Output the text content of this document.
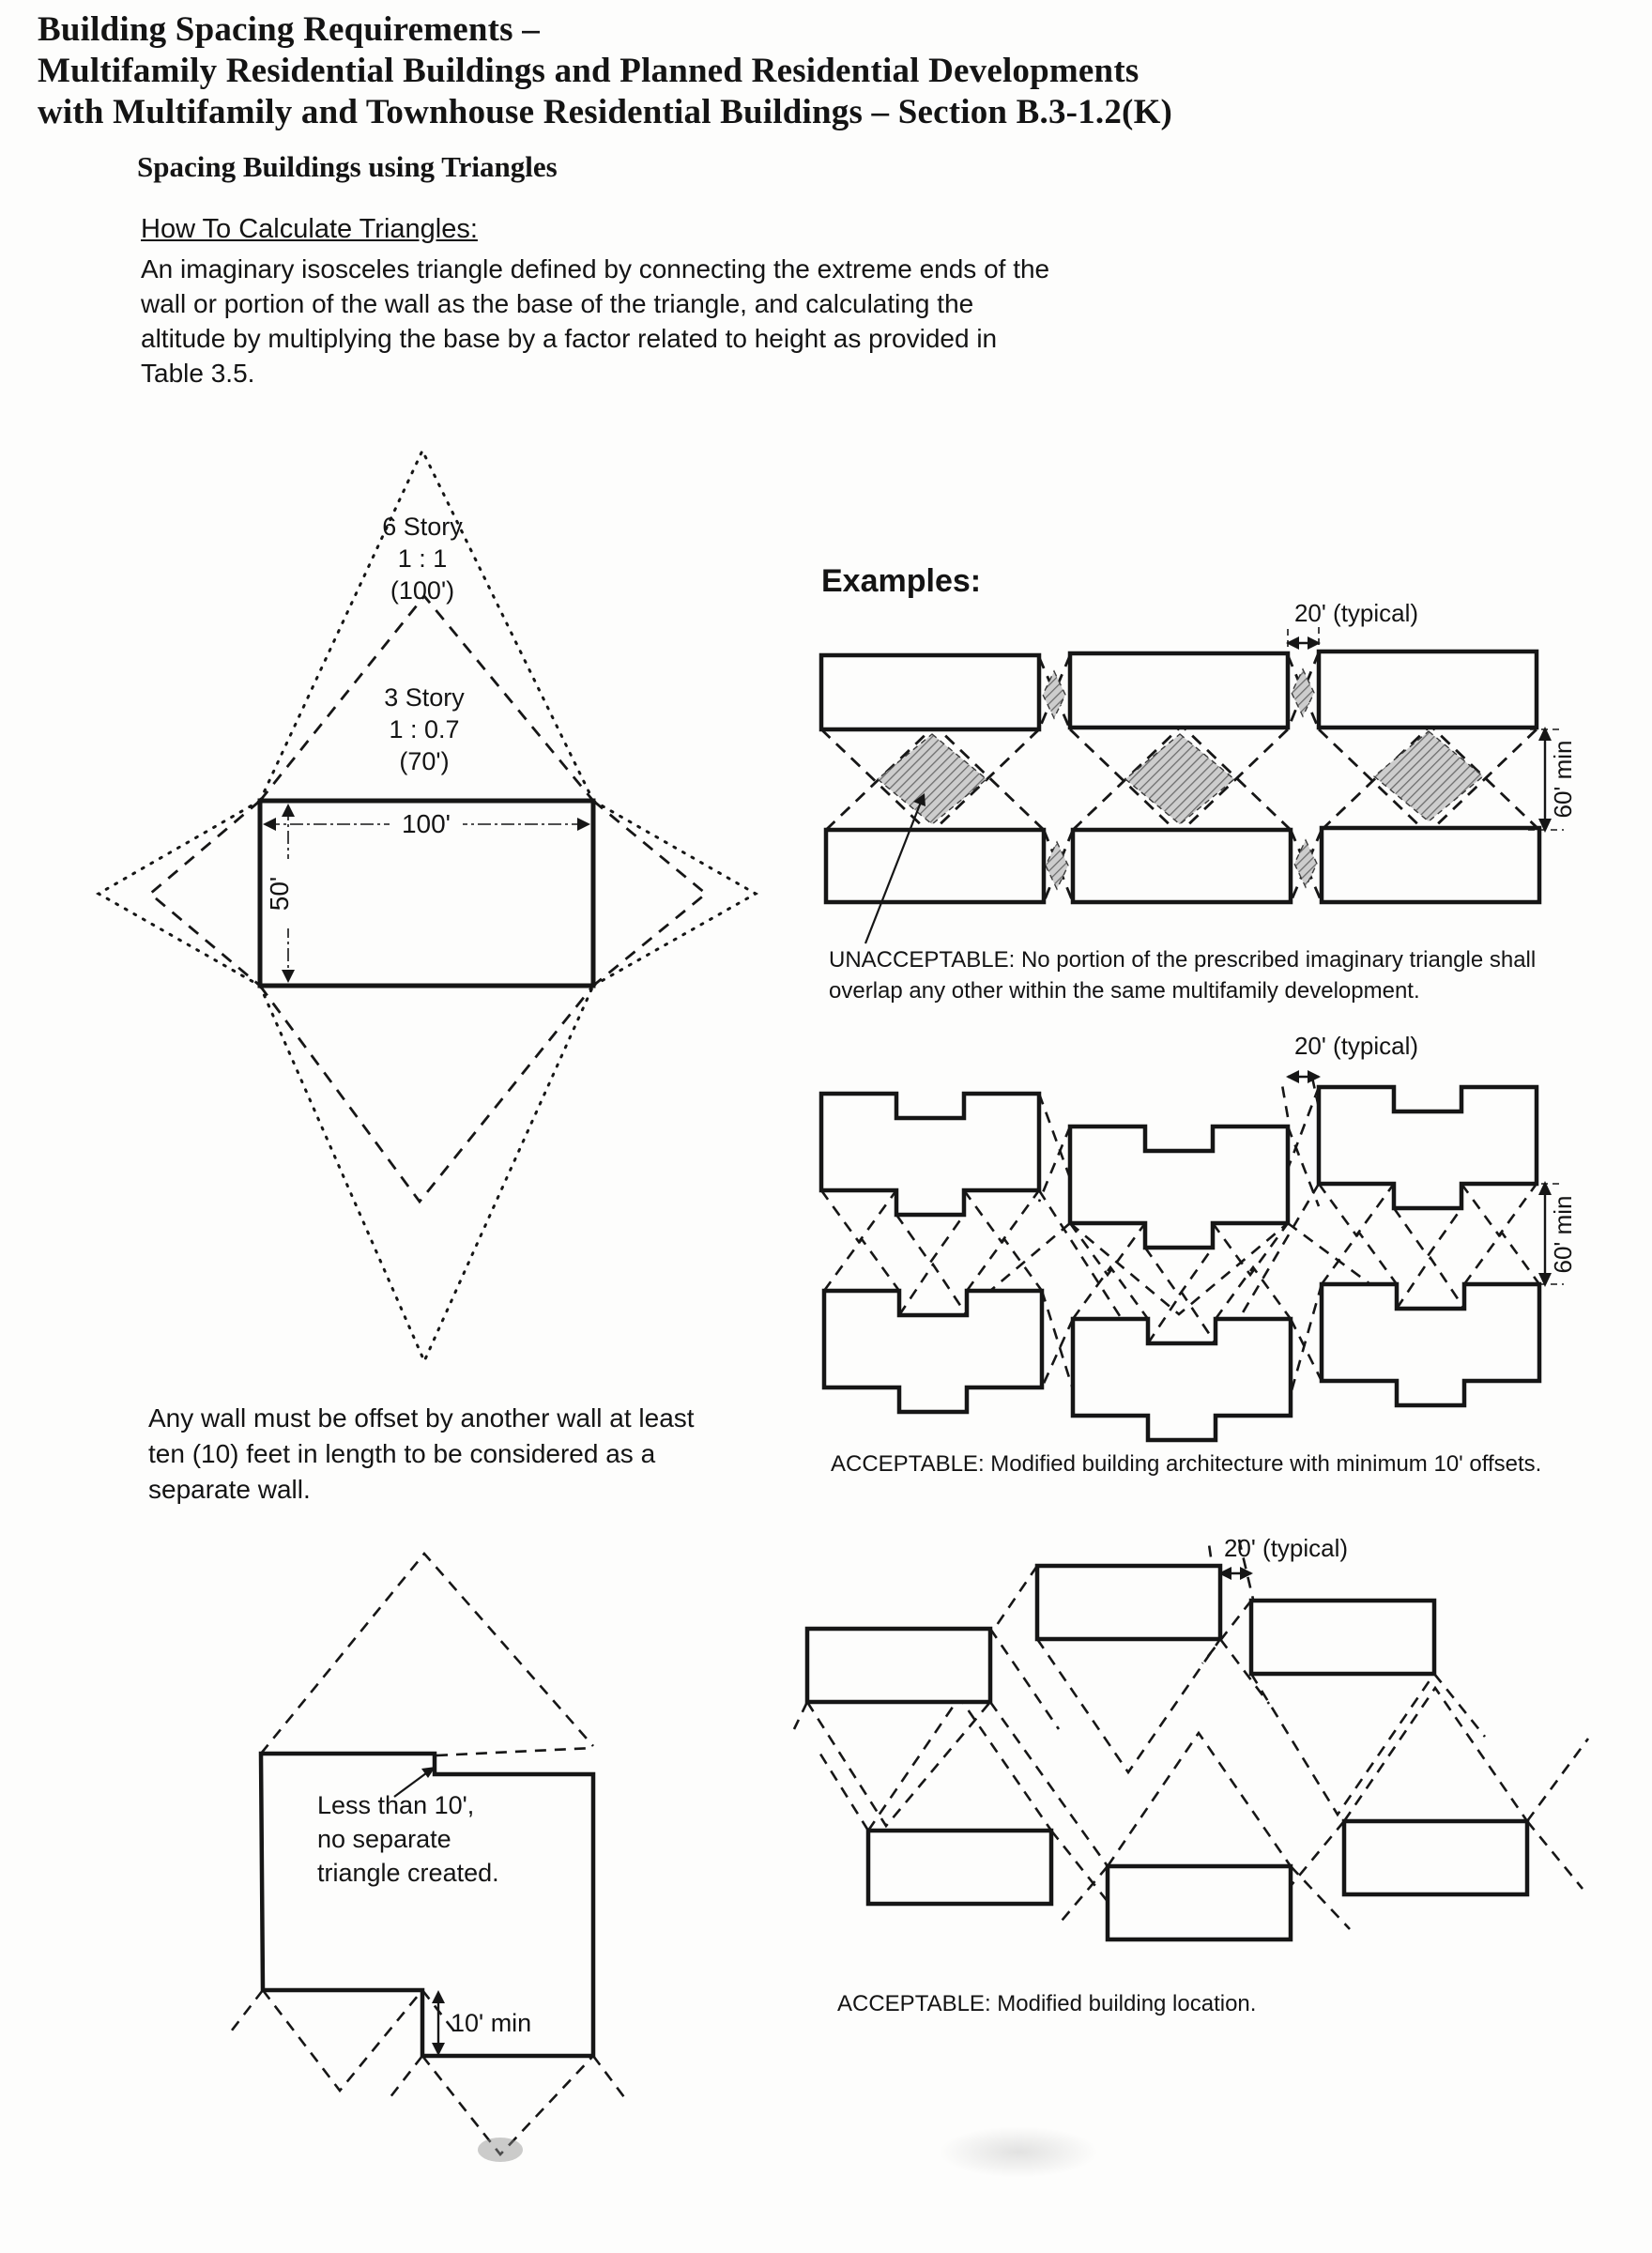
Building Spacing Requirements –
Multifamily Residential Buildings and Planned Residential Developments
with Multifamily and Townhouse Residential Buildings – Section B.3-1.2(K)
Spacing Buildings using Triangles
How To Calculate Triangles:
An imaginary isosceles triangle defined by connecting the extreme ends of the wall or portion of the wall as the base of the triangle, and calculating the altitude by multiplying the base by a factor related to height as provided in Table 3.5.
6 Story
1 : 1
(100')
3 Story
1 : 0.7
(70')
100'
50'
Examples:
20' (typical)
60' min
UNACCEPTABLE: No portion of the prescribed imaginary triangle shall overlap any other within the same multifamily development.
20' (typical)
60' min
ACCEPTABLE: Modified building architecture with minimum 10' offsets.
20' (typical)
ACCEPTABLE: Modified building location.
Any wall must be offset by another wall at least ten (10) feet in length to be considered as a separate wall.
Less than 10',
no separate
triangle created.
10' min
